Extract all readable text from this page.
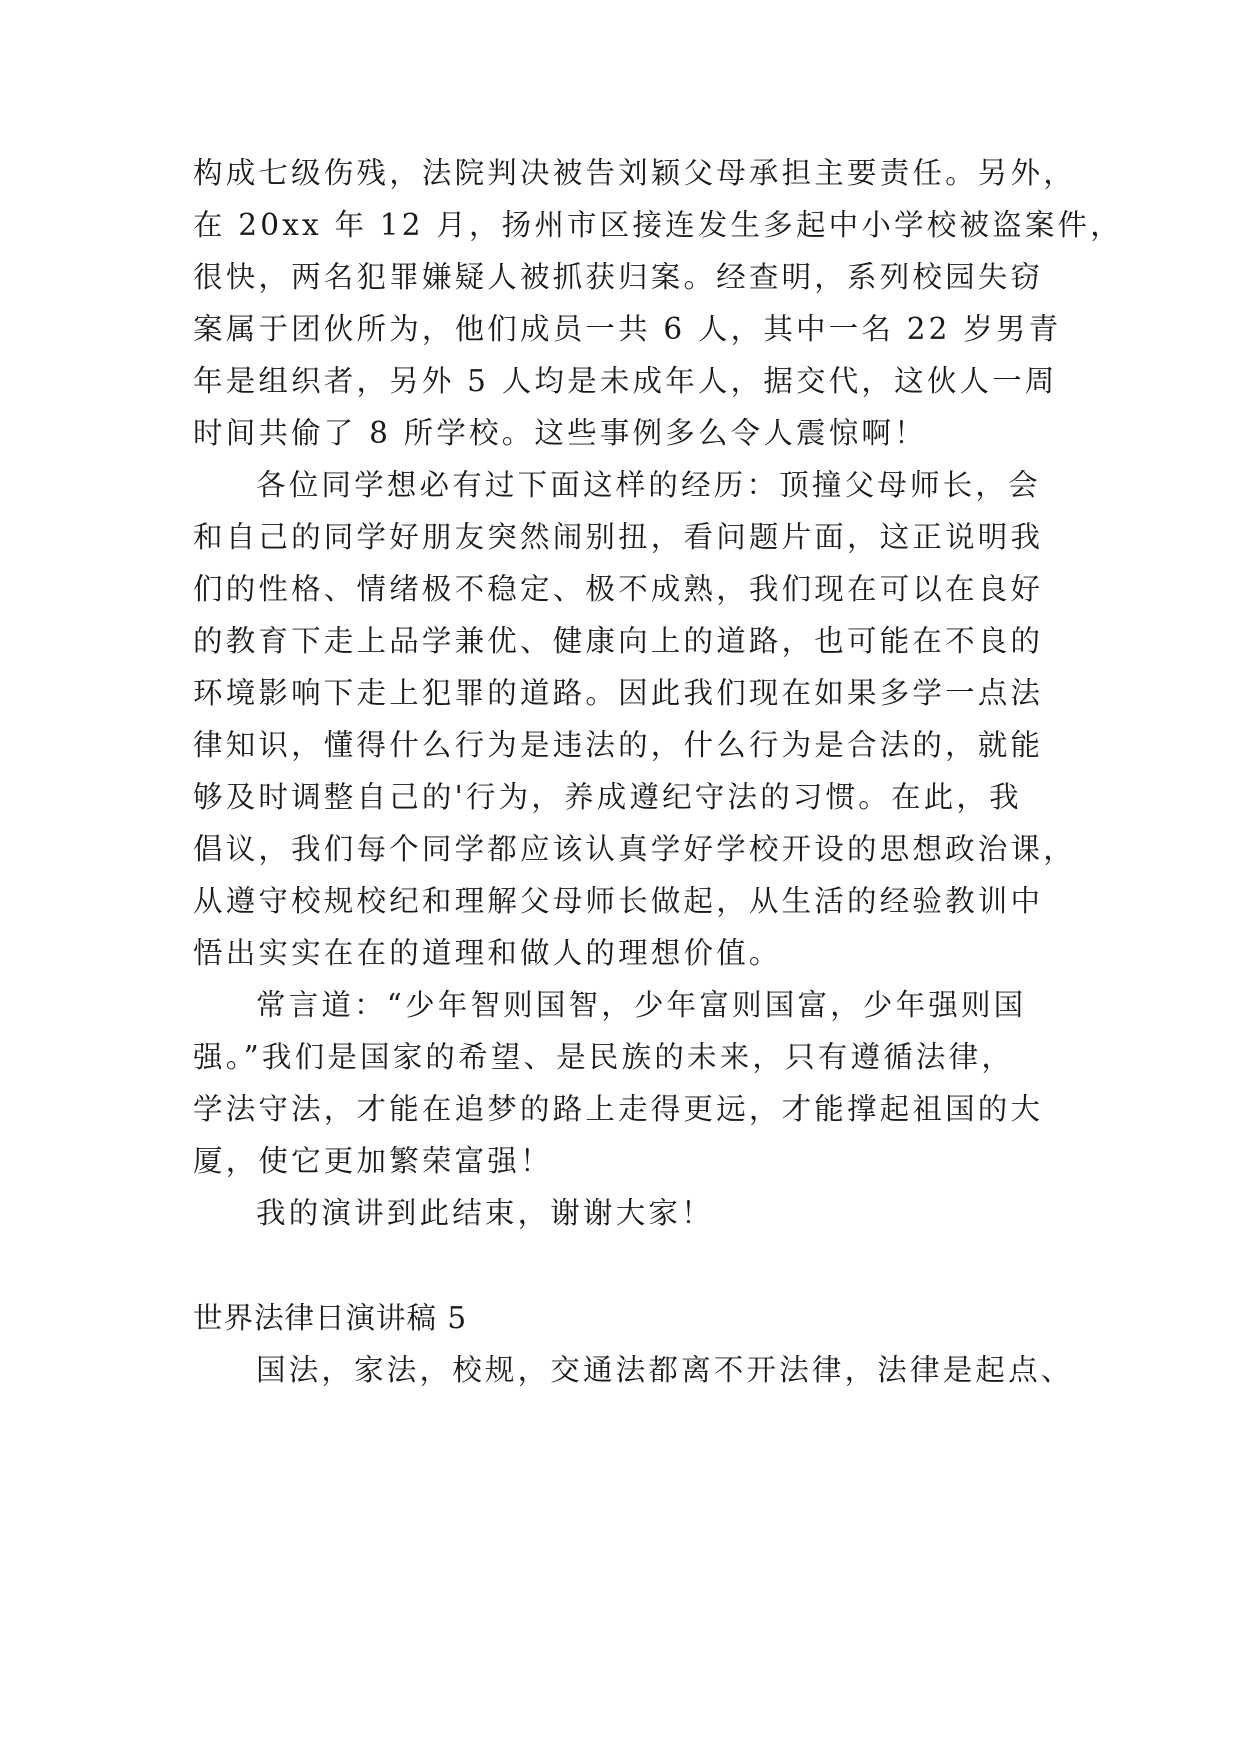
构成七级伤残，法院判决被告刘颖父母承担主要责任。另外，
在 20xx 年 12 月，扬州市区接连发生多起中小学校被盗案件，
很快，两名犯罪嫌疑人被抓获归案。经查明，系列校园失窃
案属于团伙所为，他们成员一共 6 人，其中一名 22 岁男青
年是组织者，另外 5 人均是未成年人，据交代，这伙人一周
时间共偷了 8 所学校。这些事例多么令人震惊啊！
各位同学想必有过下面这样的经历：顶撞父母师长，会
和自己的同学好朋友突然闹别扭，看问题片面，这正说明我
们的性格、情绪极不稳定、极不成熟，我们现在可以在良好
的教育下走上品学兼优、健康向上的道路，也可能在不良的
环境影响下走上犯罪的道路。因此我们现在如果多学一点法
律知识，懂得什么行为是违法的，什么行为是合法的，就能
够及时调整自己的'行为，养成遵纪守法的习惯。在此，我
倡议，我们每个同学都应该认真学好学校开设的思想政治课，
从遵守校规校纪和理解父母师长做起，从生活的经验教训中
悟出实实在在的道理和做人的理想价值。
常言道：“少年智则国智，少年富则国富，少年强则国
强。”我们是国家的希望、是民族的未来，只有遵循法律，
学法守法，才能在追梦的路上走得更远，才能撑起祖国的大
厦，使它更加繁荣富强！
我的演讲到此结束，谢谢大家！
世界法律日演讲稿 5
国法，家法，校规，交通法都离不开法律，法律是起点、
